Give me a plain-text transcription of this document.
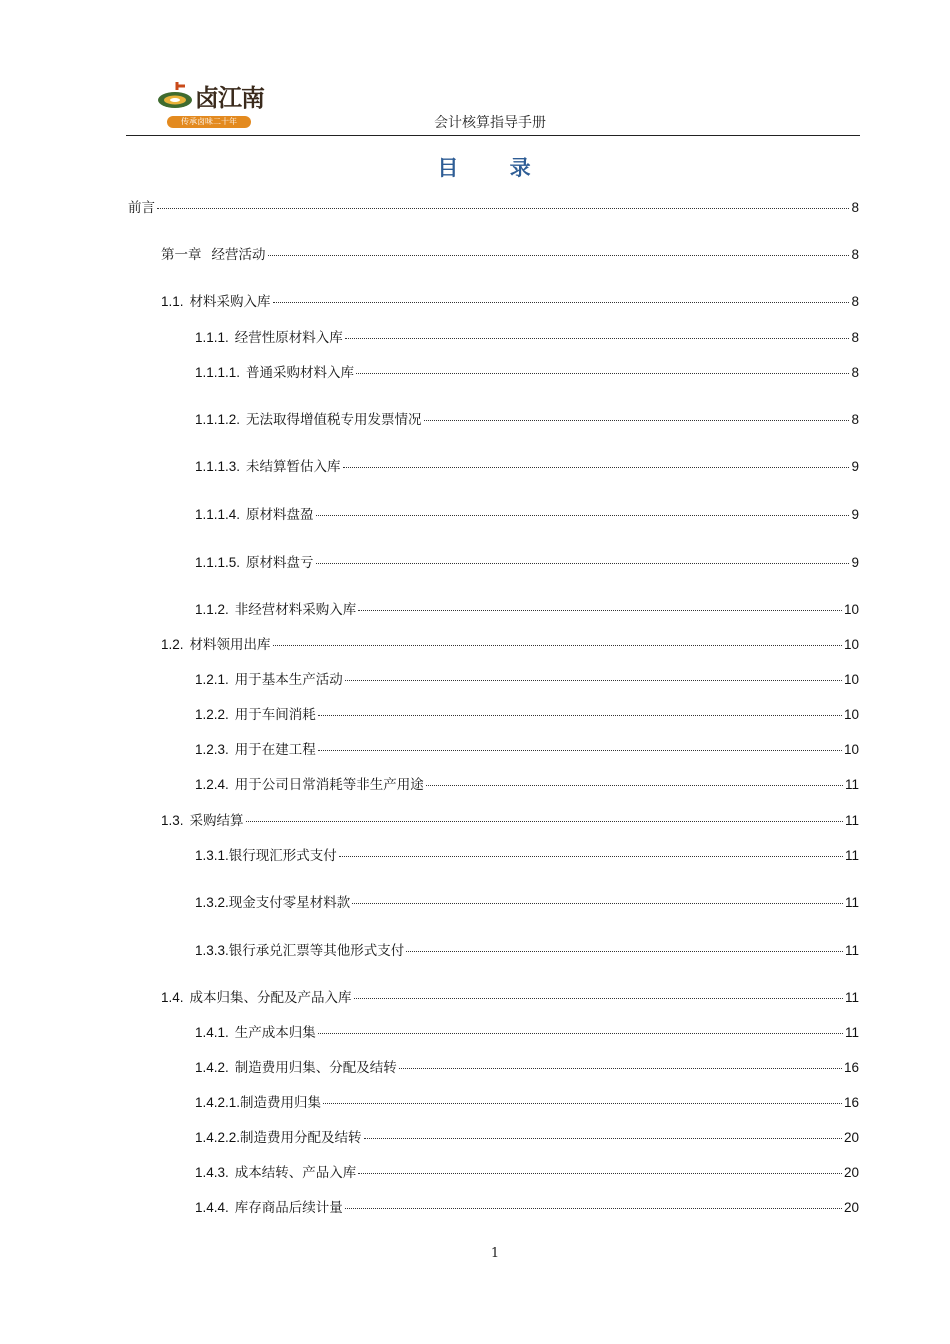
卤江南
传承卤味二十年	会计核算指导手册
目 录
前言	8
第一章 经营活动	8
1.1. 材料采购入库	8
1.1.1. 经营性原材料入库	8
1.1.1.1. 普通采购材料入库	8
1.1.1.2. 无法取得增值税专用发票情况	8
1.1.1.3. 未结算暂估入库	9
1.1.1.4. 原材料盘盈	9
1.1.1.5. 原材料盘亏	9
1.1.2. 非经营材料采购入库	10
1.2. 材料领用出库	10
1.2.1. 用于基本生产活动	10
1.2.2. 用于车间消耗	10
1.2.3. 用于在建工程	10
1.2.4. 用于公司日常消耗等非生产用途	11
1.3. 采购结算	11
1.3.1. 银行现汇形式支付	11
1.3.2. 现金支付零星材料款	11
1.3.3. 银行承兑汇票等其他形式支付	11
1.4. 成本归集、分配及产品入库	11
1.4.1. 生产成本归集	11
1.4.2. 制造费用归集、分配及结转	16
1.4.2.1. 制造费用归集	16
1.4.2.2. 制造费用分配及结转	20
1.4.3. 成本结转、产品入库	20
1.4.4. 库存商品后续计量	20
1
